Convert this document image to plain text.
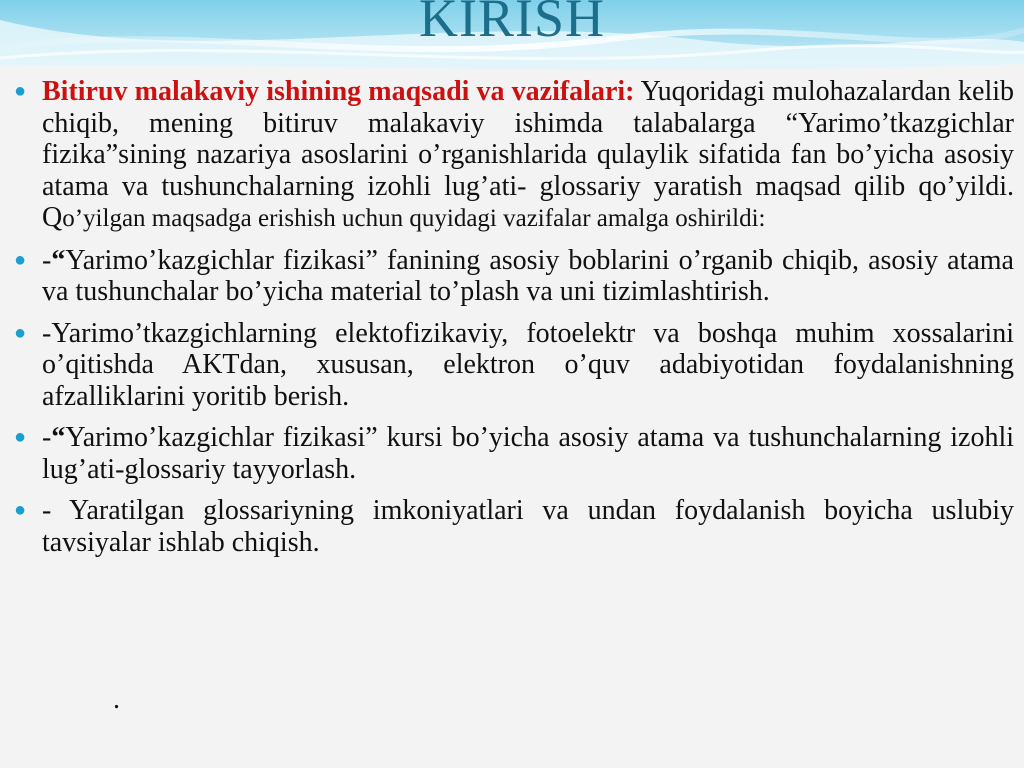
KIRISH
● Bitiruv malakaviy ishining maqsadi va vazifalari: Yuqoridagi mulohazalardan kelib chiqib, mening bitiruv malakaviy ishimda talabalarga “Yarimo’tkazgichlar fizika”sining nazariya asoslarini o’rganishlarida qulaylik sifatida fan bo’yicha asosiy atama va tushunchalarning izohli lug’ati- glossariy yaratish maqsad qilib qo’yildi. Qo’yilgan maqsadga erishish uchun quyidagi vazifalar amalga oshirildi:
● -“Yarimo’kazgichlar fizikasi” fanining asosiy boblarini o’rganib chiqib, asosiy atama va tushunchalar bo’yicha material to’plash va uni tizimlashtirish.
● -Yarimo’tkazgichlarning elektofizikaviy, fotoelektr va boshqa muhim xossalarini o’qitishda AKTdan, xususan, elektron o’quv adabiyotidan foydalanishning afzalliklarini yoritib berish.
● -“Yarimo’kazgichlar fizikasi” kursi bo’yicha asosiy atama va tushunchalarning izohli lug’ati-glossariy tayyorlash.
● - Yaratilgan glossariyning imkoniyatlari va undan foydalanish boyicha uslubiy tavsiyalar ishlab chiqish.
.
